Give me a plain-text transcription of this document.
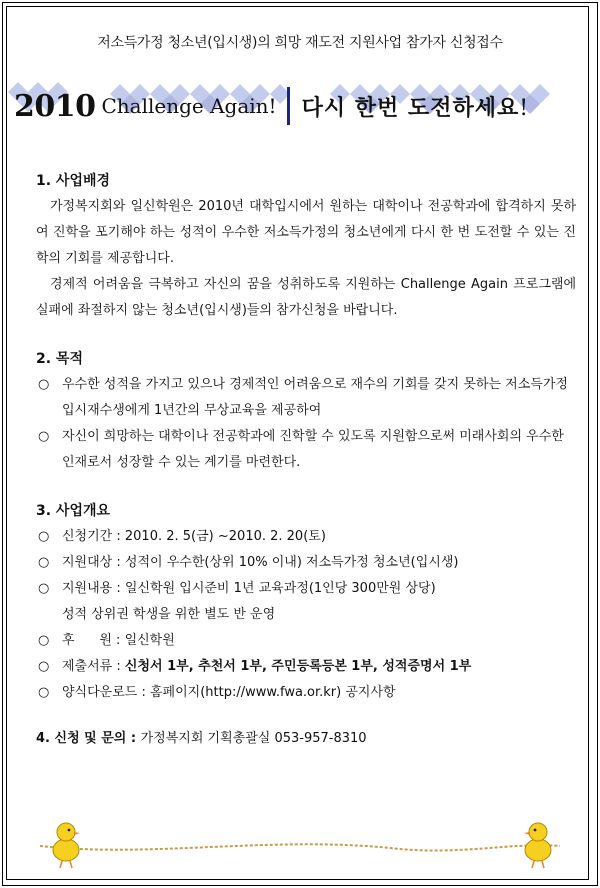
저소득가정 청소년(입시생)의 희망 재도전 지원사업 참가자 신청접수
2010 Challenge Again! 다시 한번 도전하세요!

1. 사업배경

가정복지회와 일신학원은 2010년 대학입시에서 원하는 대학이나 전공학과에 합격하지 못하여 진학을 포기해야 하는 성적이 우수한 저소득가정의 청소년에게 다시 한 번 도전할 수 있는 진학의 기회를 제공합니다.

경제적 어려움을 극복하고 자신의 꿈을 성취하도록 지원하는 Challenge Again 프로그램에 실패에 좌절하지 않는 청소년(입시생)들의 참가신청을 바랍니다.

2. 목적

○ 우수한 성적을 가지고 있으나 경제적인 어려움으로 재수의 기회를 갖지 못하는 저소득가정 입시재수생에게 1년간의 무상교육을 제공하여
○ 자신이 희망하는 대학이나 전공학과에 진학할 수 있도록 지원함으로써 미래사회의 우수한 인재로서 성장할 수 있는 계기를 마련한다.

3. 사업개요

○ 신청기간 : 2010. 2. 5(금) ~2010. 2. 20(토)
○ 지원대상 : 성적이 우수한(상위 10% 이내) 저소득가정 청소년(입시생)
○ 지원내용 : 일신학원 입시준비 1년 교육과정(1인당 300만원 상당)
성적 상위권 학생을 위한 별도 반 운영
○ 후      원 : 일신학원
○ 제출서류 : 신청서 1부, 추천서 1부, 주민등록등본 1부, 성적증명서 1부
○ 양식다운로드 : 홈페이지(http://www.fwa.or.kr) 공지사항
4. 신청 및 문의 : 가정복지회 기획총괄실 053-957-8310
